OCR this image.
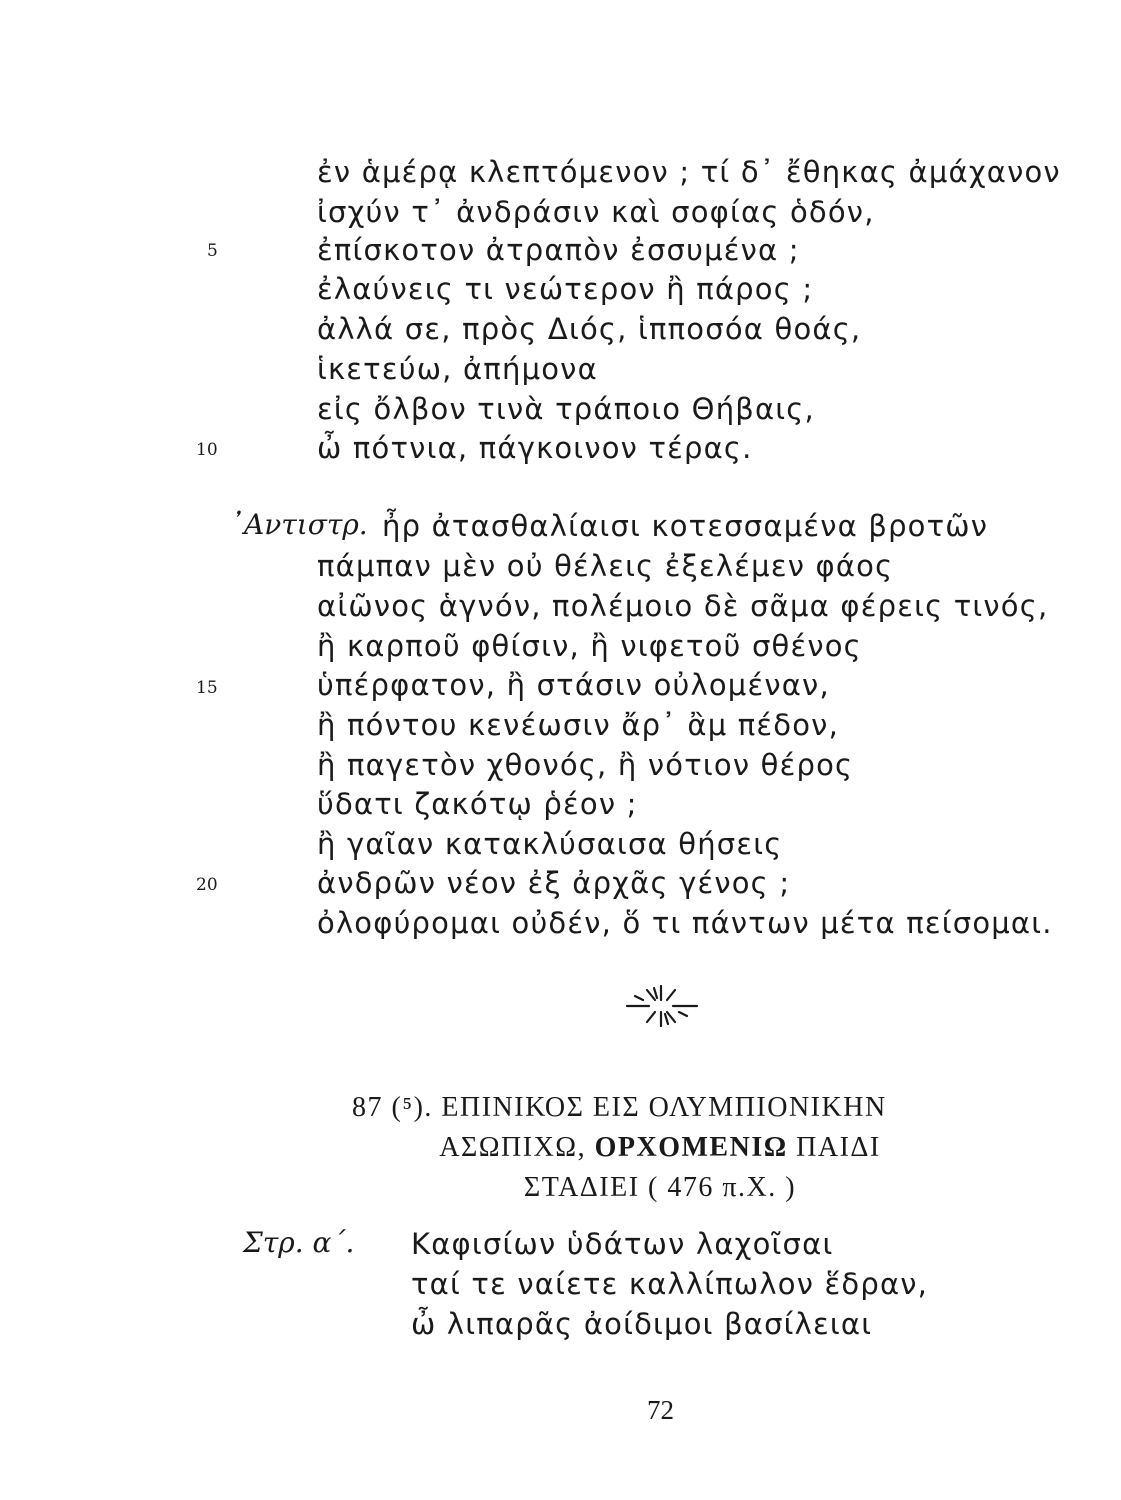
ἐν ἁμέρᾳ κλεπτόμενον ; τί δ᾽ ἔθηκας ἀμάχανον
ἰσχύν τ᾽ ἀνδράσιν καὶ σοφίας ὁδόν,
5	ἐπίσκοτον ἀτραπὸν ἐσσυμένα ;
ἐλαύνεις τι νεώτερον ἢ πάρος ;
ἀλλά σε, πρὸς Διός, ἱπποσόα θοάς,
ἱκετεύω, ἀπήμονα
εἰς ὄλβον τινὰ τράποιο Θήβαις,
10	ὦ πότνια, πάγκοινον τέρας.
᾿Αντιστρ. ἦρ ἀτασθαλίαισι κοτεσσαμένα βροτῶν
πάμπαν μὲν οὐ θέλεις ἐξελέμεν φάος
αἰῶνος ἁγνόν, πολέμοιο δὲ σᾶμα φέρεις τινός,
ἢ καρποῦ φθίσιν, ἢ νιφετοῦ σθένος
15	ὑπέρφατον, ἢ στάσιν οὐλομέναν,
ἢ πόντου κενέωσιν ἄρ᾽ ἂμ πέδον,
ἢ παγετὸν χθονός, ἢ νότιον θέρος
ὕδατι ζακότῳ ῥέον ;
ἢ γαῖαν κατακλύσαισα θήσεις
20	ἀνδρῶν νέον ἐξ ἀρχᾶς γένος ;
ὀλοφύρομαι οὐδέν, ὅ τι πάντων μέτα πείσομαι.
87 (⁵). ΕΠΙΝΙΚΟΣ ΕΙΣ ΟΛΥΜΠΙΟΝΙΚΗΝ
ΑΣΩΠΙΧΩ, ΟΡΧΟΜΕΝΙΩ ΠΑΙΔΙ
ΣΤΑΔΙΕΙ ( 476 π.Χ. )
Στρ. α΄. Καφισίων ὑδάτων λαχοῖσαι
ταί τε ναίετε καλλίπωλον ἕδραν,
ὦ λιπαρᾶς ἀοίδιμοι βασίλειαι
72
